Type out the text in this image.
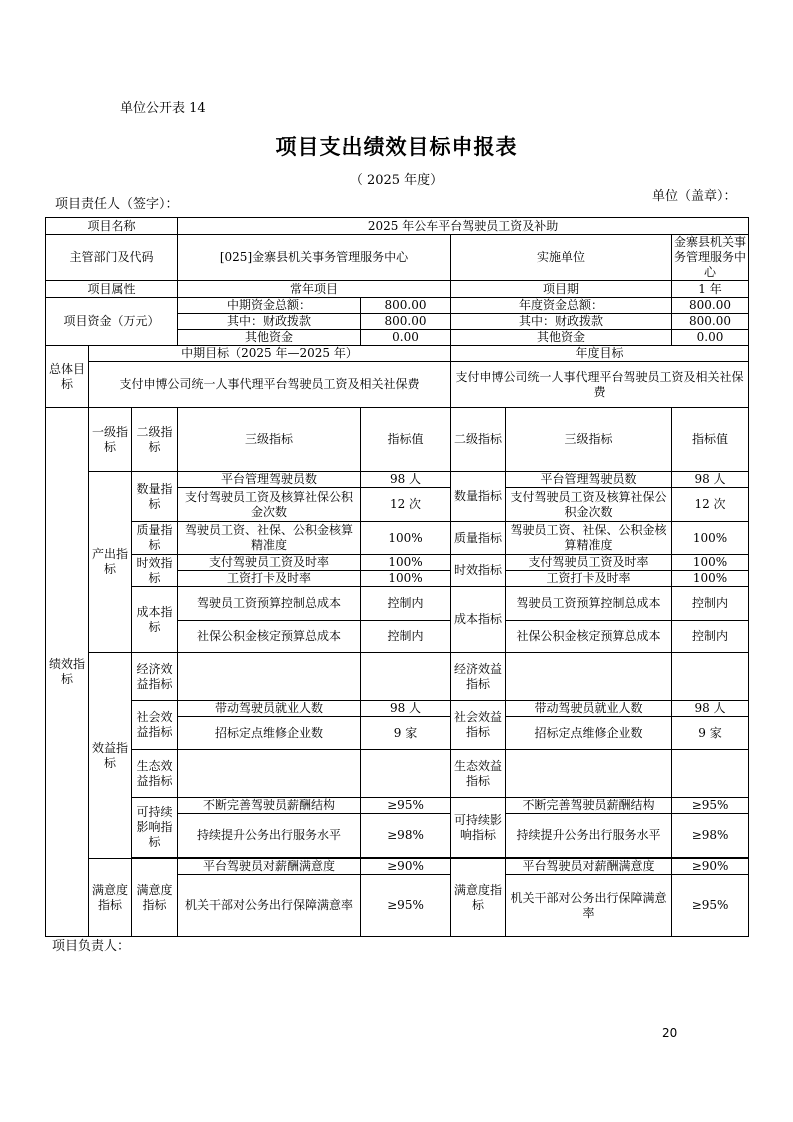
单位公开表 14
项目支出绩效目标申报表
（ 2025 年度）
项目责任人（签字）：
单位（盖章）：
项目名称			2025 年公车平台驾驶员工资及补助				
主管部门及代码			[025]金寨县机关事务管理服务中心		实施单位		金寨县机关事务管理服务中心
项目属性			常年项目		项目期		1 年
项目资金（万元）			中期资金总额：	800.00	年度资金总额：		800.00
			其中：财政拨款	800.00	其中：财政拨款		800.00
			其他资金	0.00	其他资金		0.00
总体目标	中期目标（2025 年—2025 年）				年度目标		
	支付申博公司统一人事代理平台驾驶员工资及相关社保费				支付申博公司统一人事代理平台驾驶员工资及相关社保费		
绩效指标	一级指标	二级指标	三级指标	指标值	二级指标	三级指标	指标值
	产出指标	数量指标	平台管理驾驶员数	98 人	数量指标	平台管理驾驶员数	98 人
			支付驾驶员工资及核算社保公积金次数	12 次		支付驾驶员工资及核算社保公积金次数	12 次
		质量指标	驾驶员工资、社保、公积金核算精准度	100%	质量指标	驾驶员工资、社保、公积金核算精准度	100%
		时效指标	支付驾驶员工资及时率	100%	时效指标	支付驾驶员工资及时率	100%
			工资打卡及时率	100%		工资打卡及时率	100%
		成本指标	驾驶员工资预算控制总成本	控制内	成本指标	驾驶员工资预算控制总成本	控制内
			社保公积金核定预算总成本	控制内		社保公积金核定预算总成本	控制内
	效益指标	经济效益指标			经济效益指标		
		社会效益指标	带动驾驶员就业人数	98 人	社会效益指标	带动驾驶员就业人数	98 人
			招标定点维修企业数	9 家		招标定点维修企业数	9 家
		生态效益指标			生态效益指标		
		可持续影响指标	不断完善驾驶员薪酬结构	≥95%	可持续影响指标	不断完善驾驶员薪酬结构	≥95%
			持续提升公务出行服务水平	≥98%		持续提升公务出行服务水平	≥98%

	满意度指标	满意度指标	平台驾驶员对薪酬满意度	≥90%	满意度指标	平台驾驶员对薪酬满意度	≥90%
			机关干部对公务出行保障满意率	≥95%		机关干部对公务出行保障满意率	≥95%
项目负责人：
20
